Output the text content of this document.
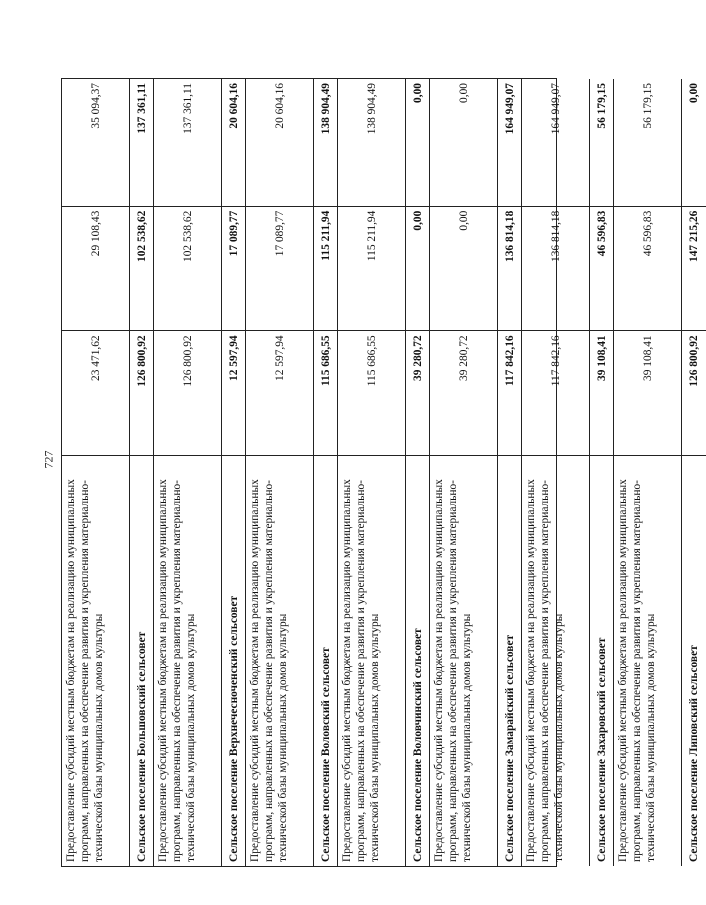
727
Предоставление субсидий местным бюджетам на реализацию муниципальных программ, направленных на обеспечение развития и укрепления материально-технической базы муниципальных домов культуры
23 471,62
29 108,43
35 094,37
Сельское поселение Большовский сельсовет
126 800,92
102 538,62
137 361,11
Предоставление субсидий местным бюджетам на реализацию муниципальных программ, направленных на обеспечение развития и укрепления материально-технической базы муниципальных домов культуры
126 800,92
102 538,62
137 361,11
Сельское поселение Верхнечесноченский сельсовет
12 597,94
17 089,77
20 604,16
Предоставление субсидий местным бюджетам на реализацию муниципальных программ, направленных на обеспечение развития и укрепления материально-технической базы муниципальных домов культуры
12 597,94
17 089,77
20 604,16
Сельское поселение Воловский сельсовет
115 686,55
115 211,94
138 904,49
Предоставление субсидий местным бюджетам на реализацию муниципальных программ, направленных на обеспечение развития и укрепления материально-технической базы муниципальных домов культуры
115 686,55
115 211,94
138 904,49
Сельское поселение Воловчинский сельсовет
39 280,72
0,00
0,00
Предоставление субсидий местным бюджетам на реализацию муниципальных программ, направленных на обеспечение развития и укрепления материально-технической базы муниципальных домов культуры
39 280,72
0,00
0,00
Сельское поселение Замарайский сельсовет
117 842,16
136 814,18
164 949,07
Предоставление субсидий местным бюджетам на реализацию муниципальных программ, направленных на обеспечение развития и укрепления материально-технической базы муниципальных домов культуры
117 842,16
136 814,18
164 949,07
Сельское поселение Захаровский сельсовет
39 108,41
46 596,83
56 179,15
Предоставление субсидий местным бюджетам на реализацию муниципальных программ, направленных на обеспечение развития и укрепления материально-технической базы муниципальных домов культуры
39 108,41
46 596,83
56 179,15
Сельское поселение Липовский сельсовет
126 800,92
147 215,26
0,00
